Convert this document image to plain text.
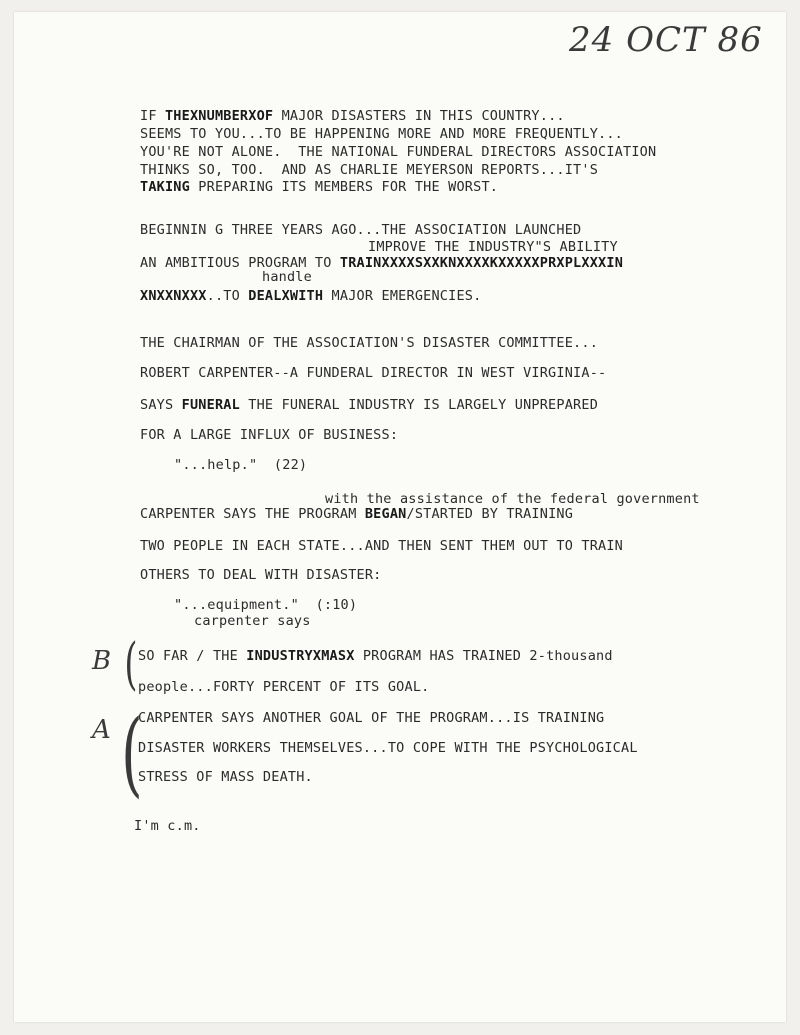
24 OCT 86
IF THEXNUMBERXOF MAJOR DISASTERS IN THIS COUNTRY...
SEEMS TO YOU...TO BE HAPPENING MORE AND MORE FREQUENTLY...
YOU'RE NOT ALONE.  THE NATIONAL FUNDERAL DIRECTORS ASSOCIATION
THINKS SO, TOO.  AND AS CHARLIE MEYERSON REPORTS...IT'S
TAKING PREPARING ITS MEMBERS FOR THE WORST.
BEGINNIN G THREE YEARS AGO...THE ASSOCIATION LAUNCHED
IMPROVE THE INDUSTRY"S ABILITY
AN AMBITIOUS PROGRAM TO TRAINXXXXSXXKNXXXXKXXXXXPRXPLXXXIN
handle
XNXXNXXX..TO DEALXWITH MAJOR EMERGENCIES.
THE CHAIRMAN OF THE ASSOCIATION'S DISASTER COMMITTEE...
ROBERT CARPENTER--A FUNDERAL DIRECTOR IN WEST VIRGINIA--
SAYS FUNERAL THE FUNERAL INDUSTRY IS LARGELY UNPREPARED
FOR A LARGE INFLUX OF BUSINESS:
"...help."  (22)
with the assistance of the federal government
CARPENTER SAYS THE PROGRAM BEGAN/STARTED BY TRAINING
TWO PEOPLE IN EACH STATE...AND THEN SENT THEM OUT TO TRAIN
OTHERS TO DEAL WITH DISASTER:
"...equipment."  (:10)
carpenter says
B ( SO FAR / THE INDUSTRYXMASX PROGRAM HAS TRAINED 2-thousand
people...FORTY PERCENT OF ITS GOAL.
A (
CARPENTER SAYS ANOTHER GOAL OF THE PROGRAM...IS TRAINING
DISASTER WORKERS THEMSELVES...TO COPE WITH THE PSYCHOLOGICAL
STRESS OF MASS DEATH.
I'm c.m.
